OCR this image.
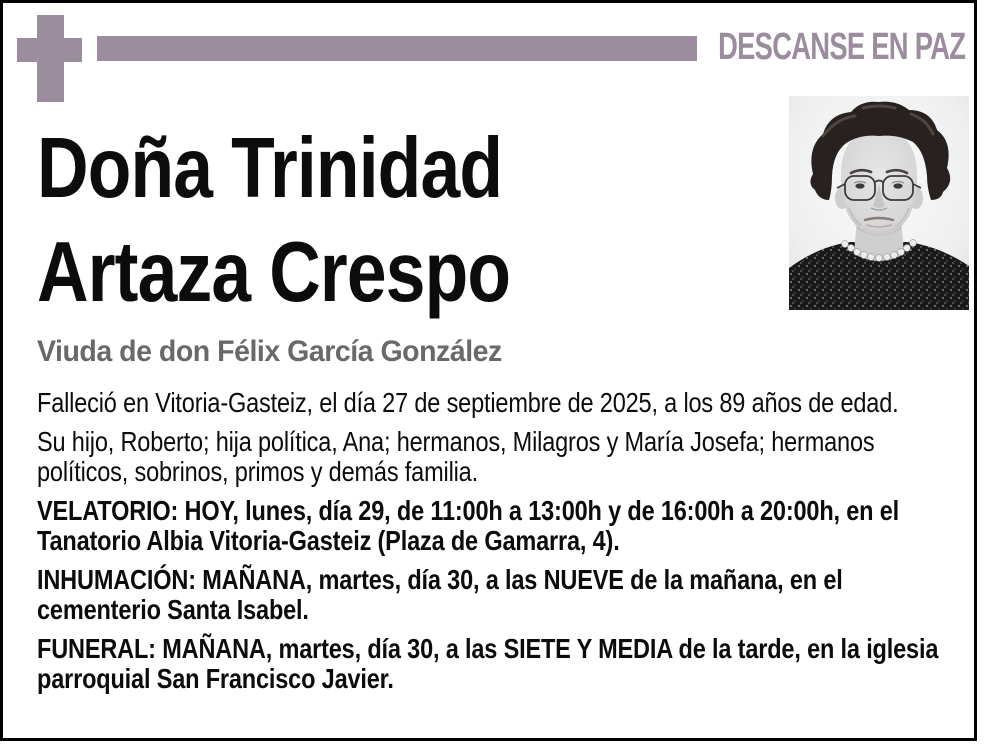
DESCANSE EN PAZ
Doña Trinidad
Artaza Crespo
Viuda de don Félix García González

Falleció en Vitoria-Gasteiz, el día 27 de septiembre de 2025, a los 89 años de edad.

Su hijo, Roberto; hija política, Ana; hermanos, Milagros y María Josefa; hermanos políticos, sobrinos, primos y demás familia.

VELATORIO: HOY, lunes, día 29, de 11:00h a 13:00h y de 16:00h a 20:00h, en el Tanatorio Albia Vitoria-Gasteiz (Plaza de Gamarra, 4).

INHUMACIÓN: MAÑANA, martes, día 30, a las NUEVE de la mañana, en el cementerio Santa Isabel.

FUNERAL: MAÑANA, martes, día 30, a las SIETE Y MEDIA de la tarde, en la iglesia parroquial San Francisco Javier.
